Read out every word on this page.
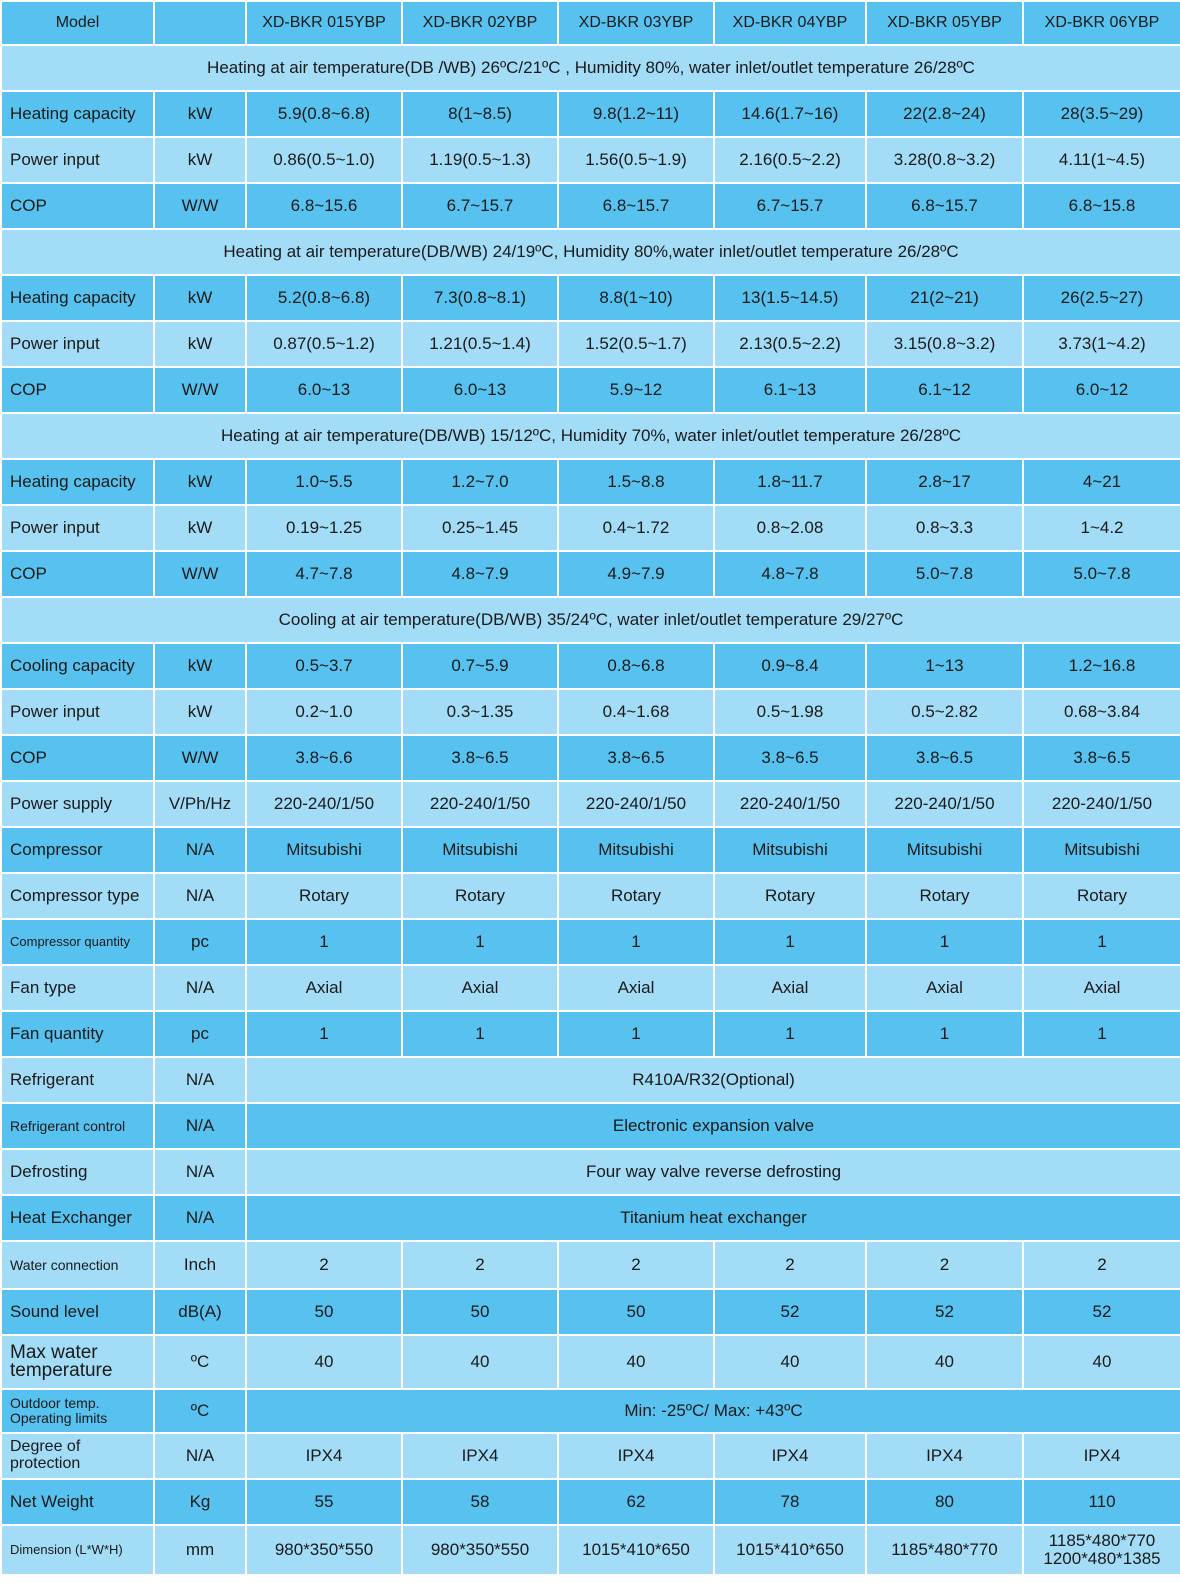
Model		XD-BKR 015YBP	XD-BKR 02YBP	XD-BKR 03YBP	XD-BKR 04YBP	XD-BKR 05YBP	XD-BKR 06YBP
Heating at air temperature(DB /WB) 26ºC/21ºC , Humidity 80%, water inlet/outlet temperature 26/28ºC							
Heating capacity	kW	5.9(0.8~6.8)	8(1~8.5)	9.8(1.2~11)	14.6(1.7~16)	22(2.8~24)	28(3.5~29)
Power input	kW	0.86(0.5~1.0)	1.19(0.5~1.3)	1.56(0.5~1.9)	2.16(0.5~2.2)	3.28(0.8~3.2)	4.11(1~4.5)
COP	W/W	6.8~15.6	6.7~15.7	6.8~15.7	6.7~15.7	6.8~15.7	6.8~15.8
Heating at air temperature(DB/WB) 24/19ºC, Humidity 80%,water inlet/outlet temperature 26/28ºC							
Heating capacity	kW	5.2(0.8~6.8)	7.3(0.8~8.1)	8.8(1~10)	13(1.5~14.5)	21(2~21)	26(2.5~27)
Power input	kW	0.87(0.5~1.2)	1.21(0.5~1.4)	1.52(0.5~1.7)	2.13(0.5~2.2)	3.15(0.8~3.2)	3.73(1~4.2)
COP	W/W	6.0~13	6.0~13	5.9~12	6.1~13	6.1~12	6.0~12
Heating at air temperature(DB/WB) 15/12ºC, Humidity 70%, water inlet/outlet temperature 26/28ºC							
Heating capacity	kW	1.0~5.5	1.2~7.0	1.5~8.8	1.8~11.7	2.8~17	4~21
Power input	kW	0.19~1.25	0.25~1.45	0.4~1.72	0.8~2.08	0.8~3.3	1~4.2
COP	W/W	4.7~7.8	4.8~7.9	4.9~7.9	4.8~7.8	5.0~7.8	5.0~7.8
Cooling at air temperature(DB/WB) 35/24ºC, water inlet/outlet temperature 29/27ºC							
Cooling capacity	kW	0.5~3.7	0.7~5.9	0.8~6.8	0.9~8.4	1~13	1.2~16.8
Power input	kW	0.2~1.0	0.3~1.35	0.4~1.68	0.5~1.98	0.5~2.82	0.68~3.84
COP	W/W	3.8~6.6	3.8~6.5	3.8~6.5	3.8~6.5	3.8~6.5	3.8~6.5
Power supply	V/Ph/Hz	220-240/1/50	220-240/1/50	220-240/1/50	220-240/1/50	220-240/1/50	220-240/1/50
Compressor	N/A	Mitsubishi	Mitsubishi	Mitsubishi	Mitsubishi	Mitsubishi	Mitsubishi
Compressor type	N/A	Rotary	Rotary	Rotary	Rotary	Rotary	Rotary
Compressor quantity	pc	1	1	1	1	1	1
Fan type	N/A	Axial	Axial	Axial	Axial	Axial	Axial
Fan quantity	pc	1	1	1	1	1	1
Refrigerant	N/A	R410A/R32(Optional)					
Refrigerant control	N/A	Electronic expansion valve					
Defrosting	N/A	Four way valve reverse defrosting					
Heat Exchanger	N/A	Titanium heat exchanger					
Water connection	Inch	2	2	2	2	2	2
Sound level	dB(A)	50	50	50	52	52	52
Max water
temperature	ºC	40	40	40	40	40	40
Outdoor temp.
Operating limits	ºC	Min: -25ºC/ Max: +43ºC					
Degree of
protection	N/A	IPX4	IPX4	IPX4	IPX4	IPX4	IPX4
Net Weight	Kg	55	58	62	78	80	110
Dimension (L*W*H)	mm	980*350*550	980*350*550	1015*410*650	1015*410*650	1185*480*770	1185*480*770
1200*480*1385
